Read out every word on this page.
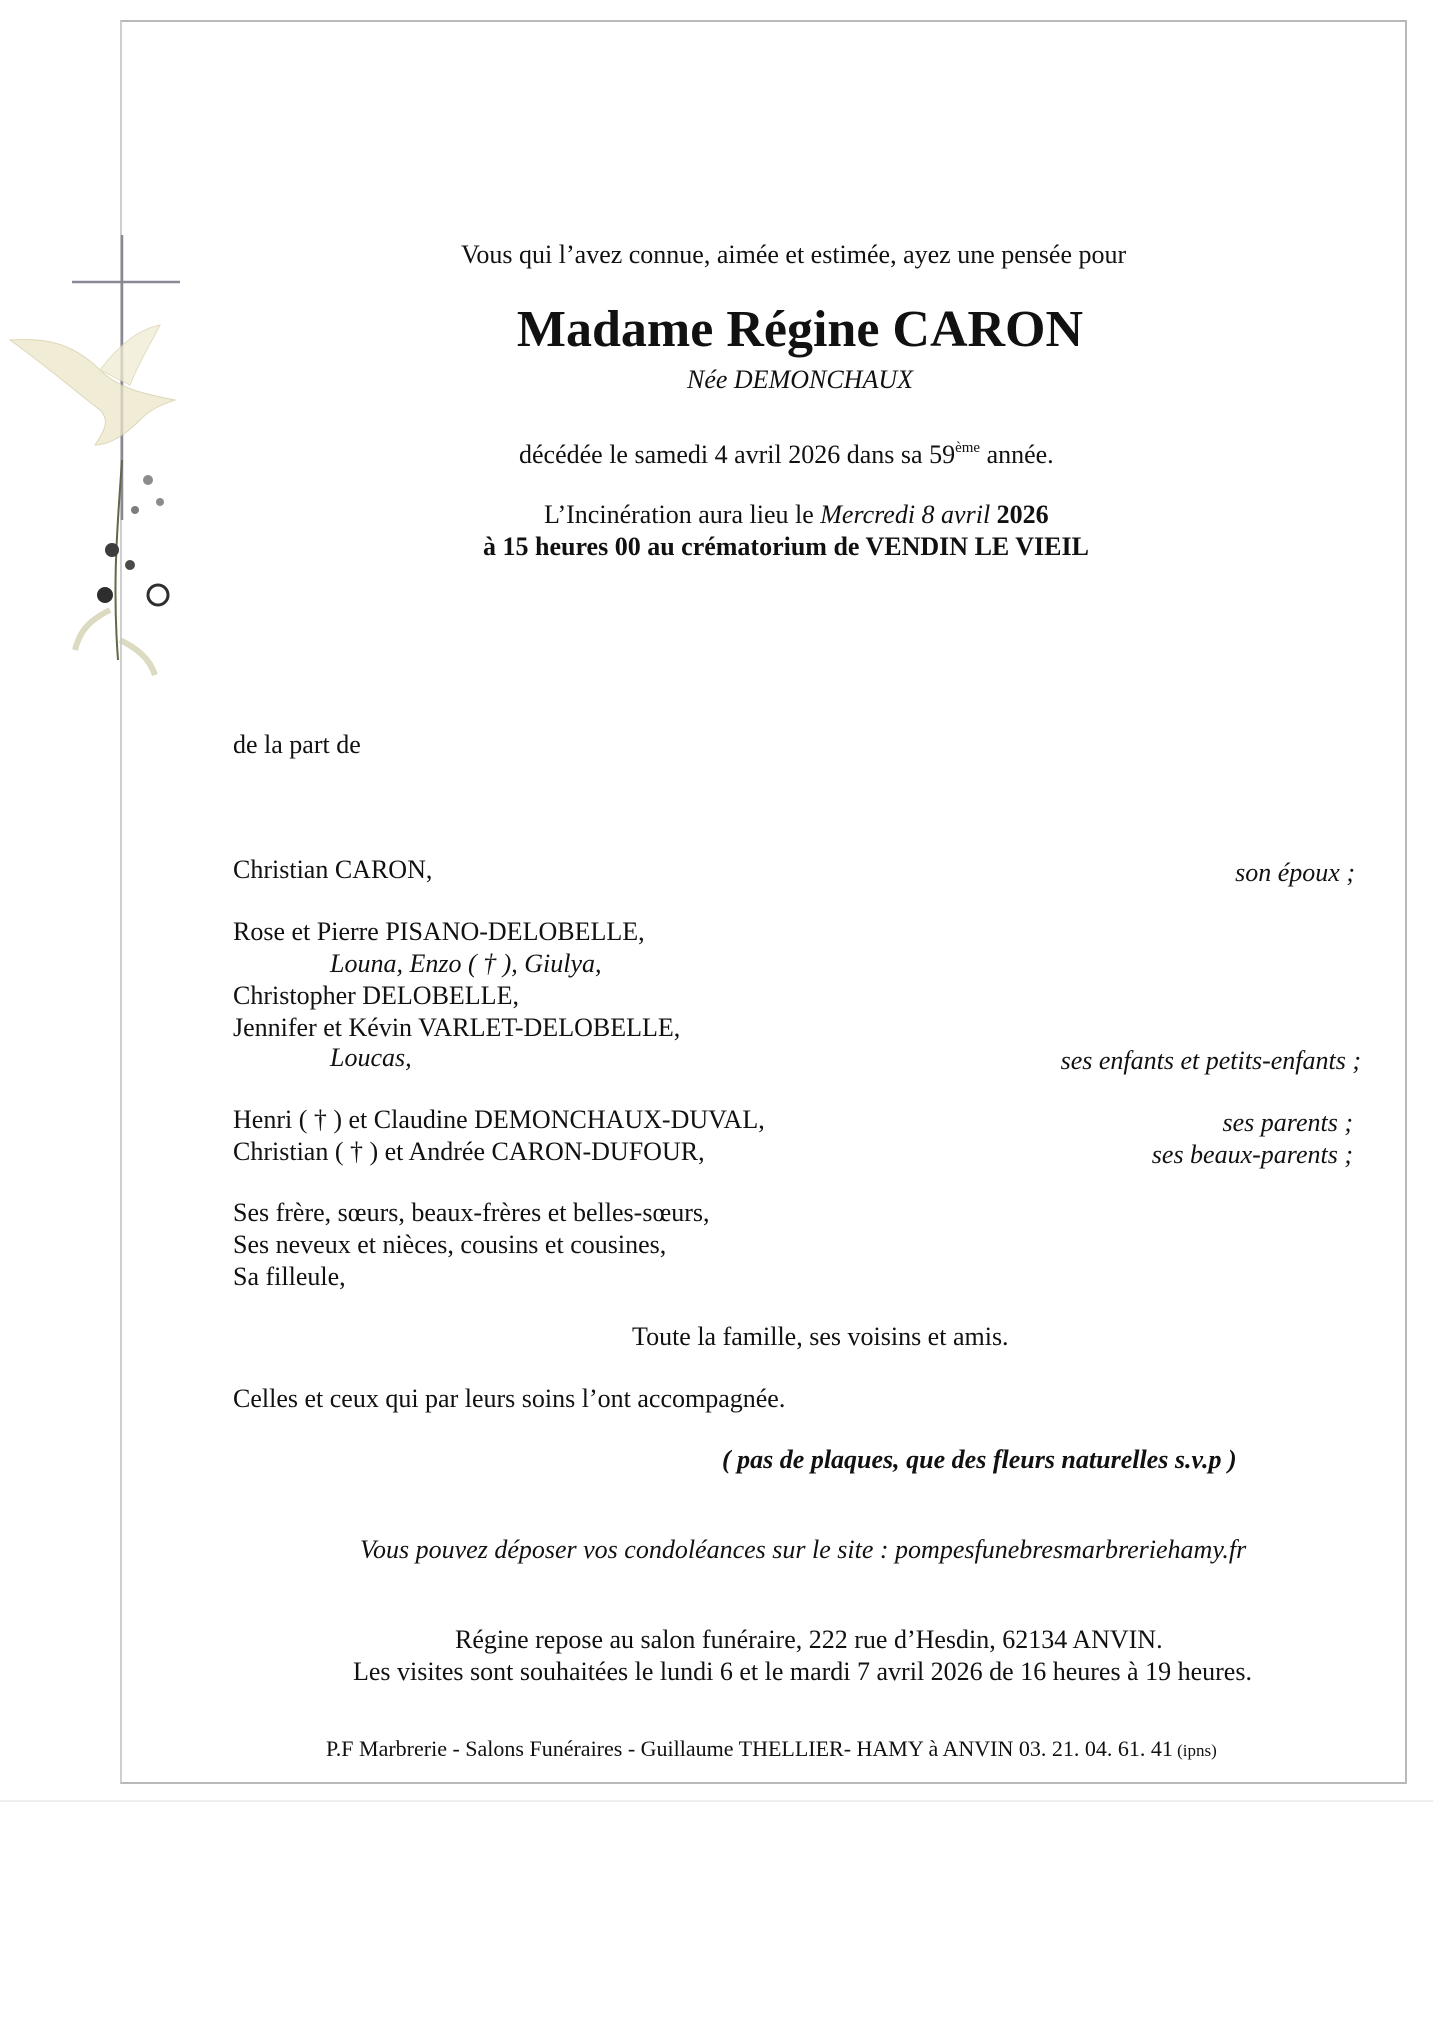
Vous qui l’avez connue, aimée et estimée, ayez une pensée pour
Madame Régine CARON
Née DEMONCHAUX
décédée le samedi 4 avril 2026 dans sa 59ème année.
L’Incinération aura lieu le Mercredi 8 avril 2026
à 15 heures 00 au crématorium de VENDIN LE VIEIL
de la part de
Christian CARON,	son époux ;
Rose et Pierre PISANO-DELOBELLE,
Louna, Enzo ( † ), Giulya,
Christopher DELOBELLE,
Jennifer et Kévin VARLET-DELOBELLE,
Loucas,	ses enfants et petits-enfants ;
Henri ( † ) et Claudine DEMONCHAUX-DUVAL,	ses parents ;
Christian ( † ) et Andrée CARON-DUFOUR,	ses beaux-parents ;
Ses frère, sœurs, beaux-frères et belles-sœurs,
Ses neveux et nièces, cousins et cousines,
Sa filleule,
Toute la famille, ses voisins et amis.
Celles et ceux qui par leurs soins l’ont accompagnée.
( pas de plaques, que des fleurs naturelles s.v.p )
Vous pouvez déposer vos condoléances sur le site : pompesfunebresmarbreriehamy.fr
Régine repose au salon funéraire, 222 rue d’Hesdin, 62134 ANVIN.
Les visites sont souhaitées le lundi 6 et le mardi 7 avril 2026 de 16 heures à 19 heures.
P.F Marbrerie - Salons Funéraires - Guillaume THELLIER- HAMY à ANVIN 03. 21. 04. 61. 41 (ipns)
